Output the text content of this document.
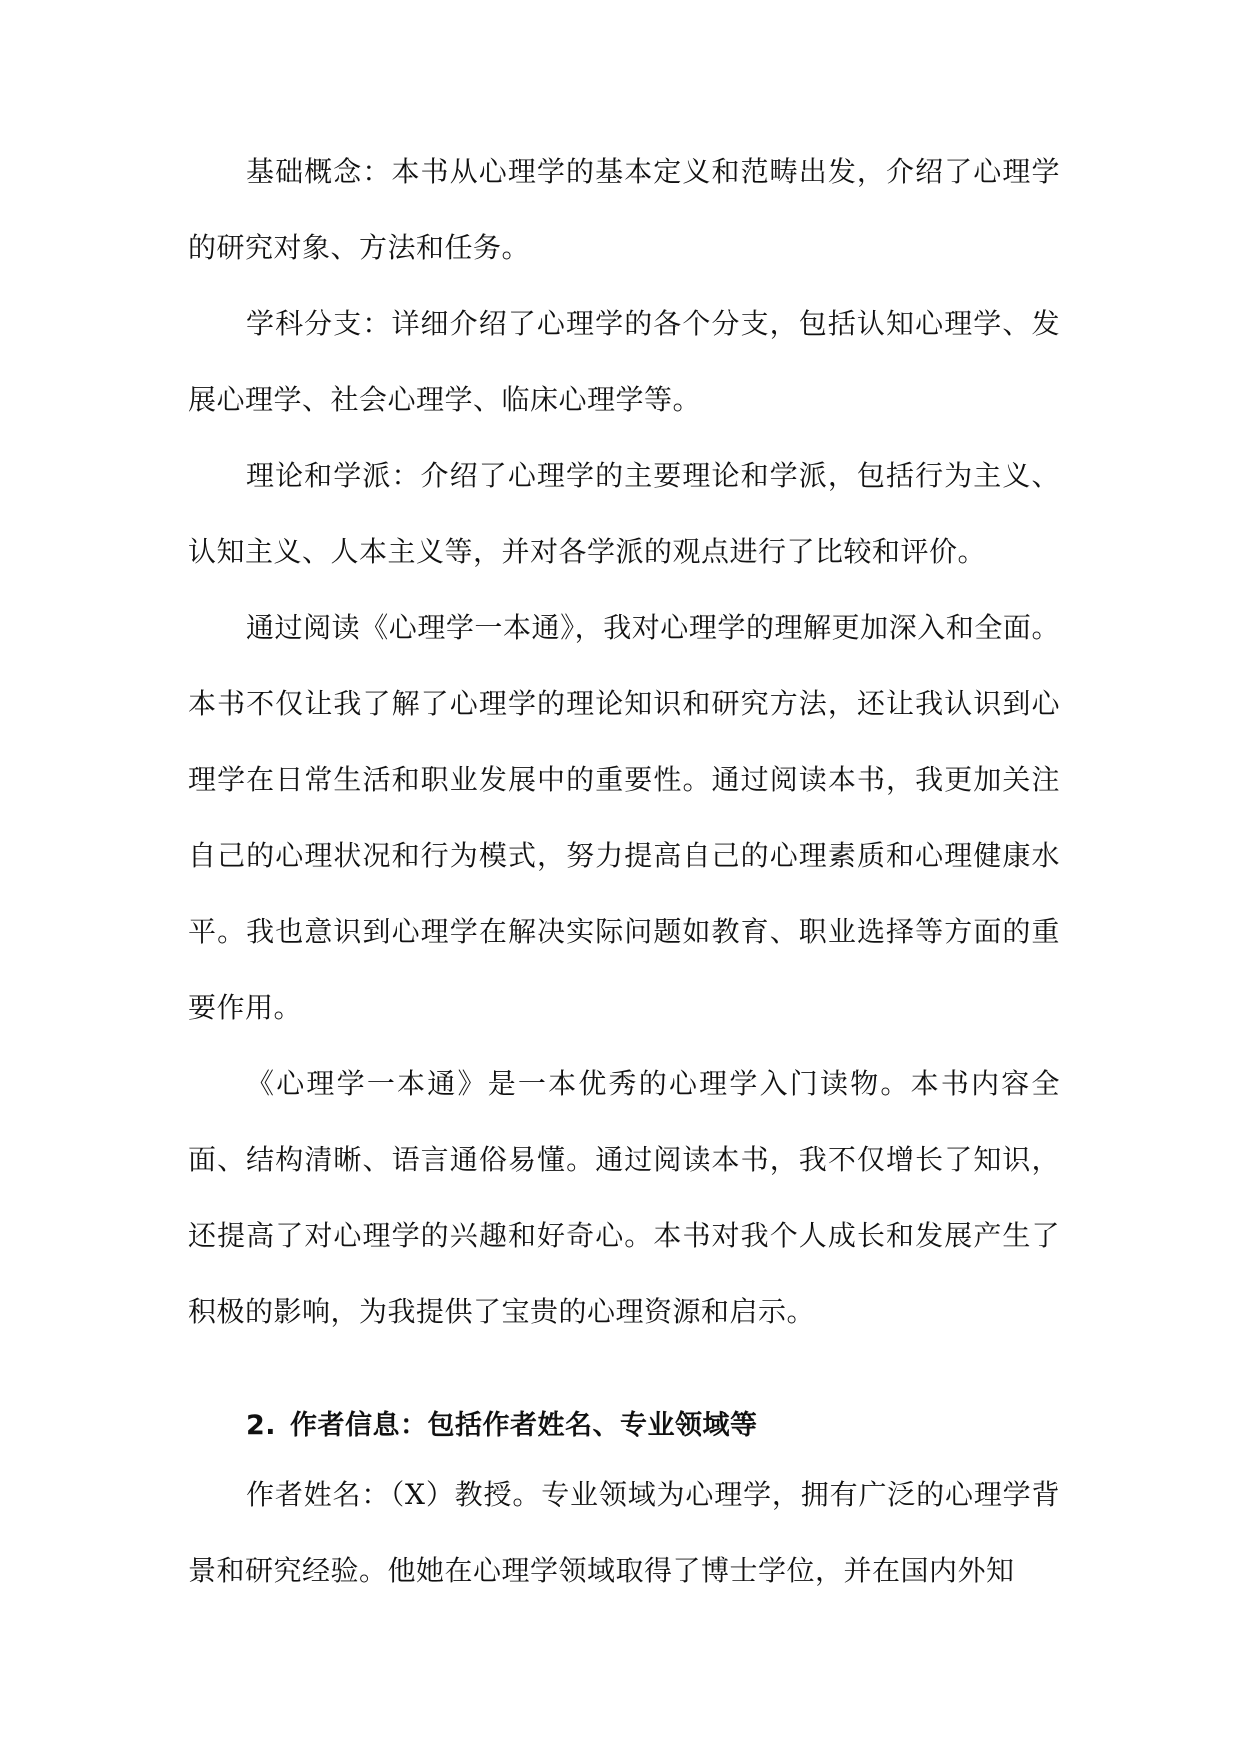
基础概念：本书从心理学的基本定义和范畴出发，介绍了心理学的研究对象、方法和任务。

学科分支：详细介绍了心理学的各个分支，包括认知心理学、发展心理学、社会心理学、临床心理学等。

理论和学派：介绍了心理学的主要理论和学派，包括行为主义、认知主义、人本主义等，并对各学派的观点进行了比较和评价。

通过阅读《心理学一本通》，我对心理学的理解更加深入和全面。本书不仅让我了解了心理学的理论知识和研究方法，还让我认识到心理学在日常生活和职业发展中的重要性。通过阅读本书，我更加关注自己的心理状况和行为模式，努力提高自己的心理素质和心理健康水平。我也意识到心理学在解决实际问题如教育、职业选择等方面的重要作用。

《心理学一本通》是一本优秀的心理学入门读物。本书内容全面、结构清晰、语言通俗易懂。通过阅读本书，我不仅增长了知识，还提高了对心理学的兴趣和好奇心。本书对我个人成长和发展产生了积极的影响，为我提供了宝贵的心理资源和启示。

2. 作者信息：包括作者姓名、专业领域等

作者姓名：（X）教授。专业领域为心理学，拥有广泛的心理学背景和研究经验。他她在心理学领域取得了博士学位，并在国内外知
